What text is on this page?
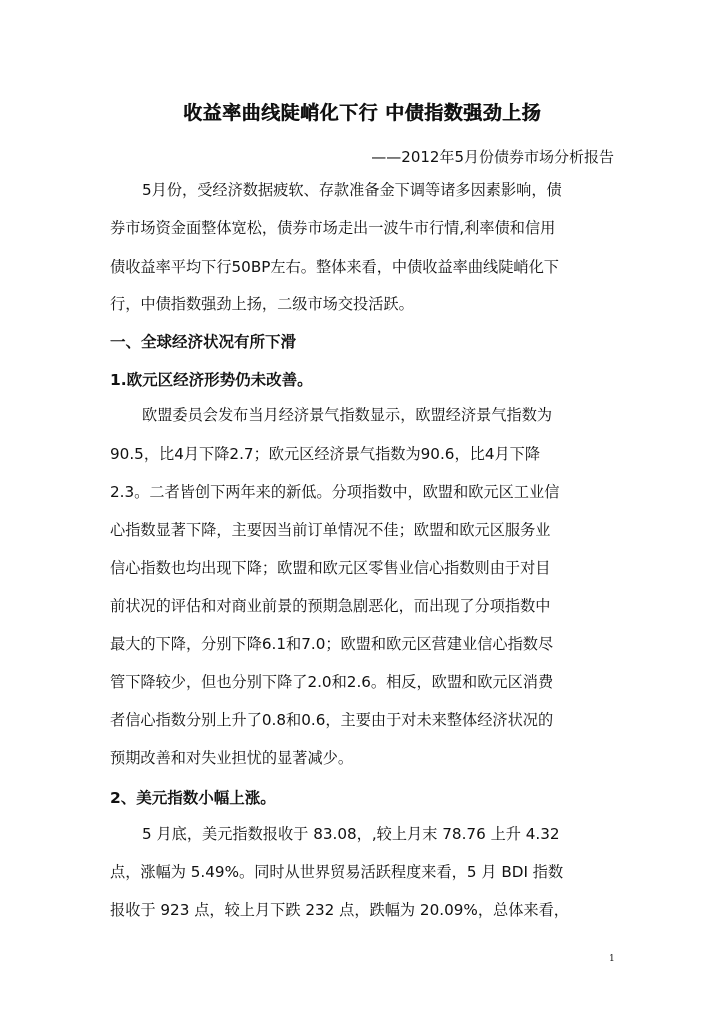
收益率曲线陡峭化下行 中债指数强劲上扬
——2012年5月份债券市场分析报告
5月份，受经济数据疲软、存款准备金下调等诸多因素影响，债
券市场资金面整体宽松，债券市场走出一波牛市行情,利率债和信用
债收益率平均下行50BP左右。整体来看，中债收益率曲线陡峭化下
行，中债指数强劲上扬，二级市场交投活跃。
一、全球经济状况有所下滑
1.欧元区经济形势仍未改善。
欧盟委员会发布当月经济景气指数显示，欧盟经济景气指数为
90.5，比4月下降2.7；欧元区经济景气指数为90.6，比4月下降
2.3。二者皆创下两年来的新低。分项指数中，欧盟和欧元区工业信
心指数显著下降，主要因当前订单情况不佳；欧盟和欧元区服务业
信心指数也均出现下降；欧盟和欧元区零售业信心指数则由于对目
前状况的评估和对商业前景的预期急剧恶化，而出现了分项指数中
最大的下降，分别下降6.1和7.0；欧盟和欧元区营建业信心指数尽
管下降较少，但也分别下降了2.0和2.6。相反，欧盟和欧元区消费
者信心指数分别上升了0.8和0.6，主要由于对未来整体经济状况的
预期改善和对失业担忧的显著减少。
2、美元指数小幅上涨。
5 月底，美元指数报收于 83.08，,较上月末 78.76 上升 4.32
点，涨幅为 5.49%。同时从世界贸易活跃程度来看，5 月 BDI 指数
报收于 923 点，较上月下跌 232 点，跌幅为 20.09%，总体来看，
1
